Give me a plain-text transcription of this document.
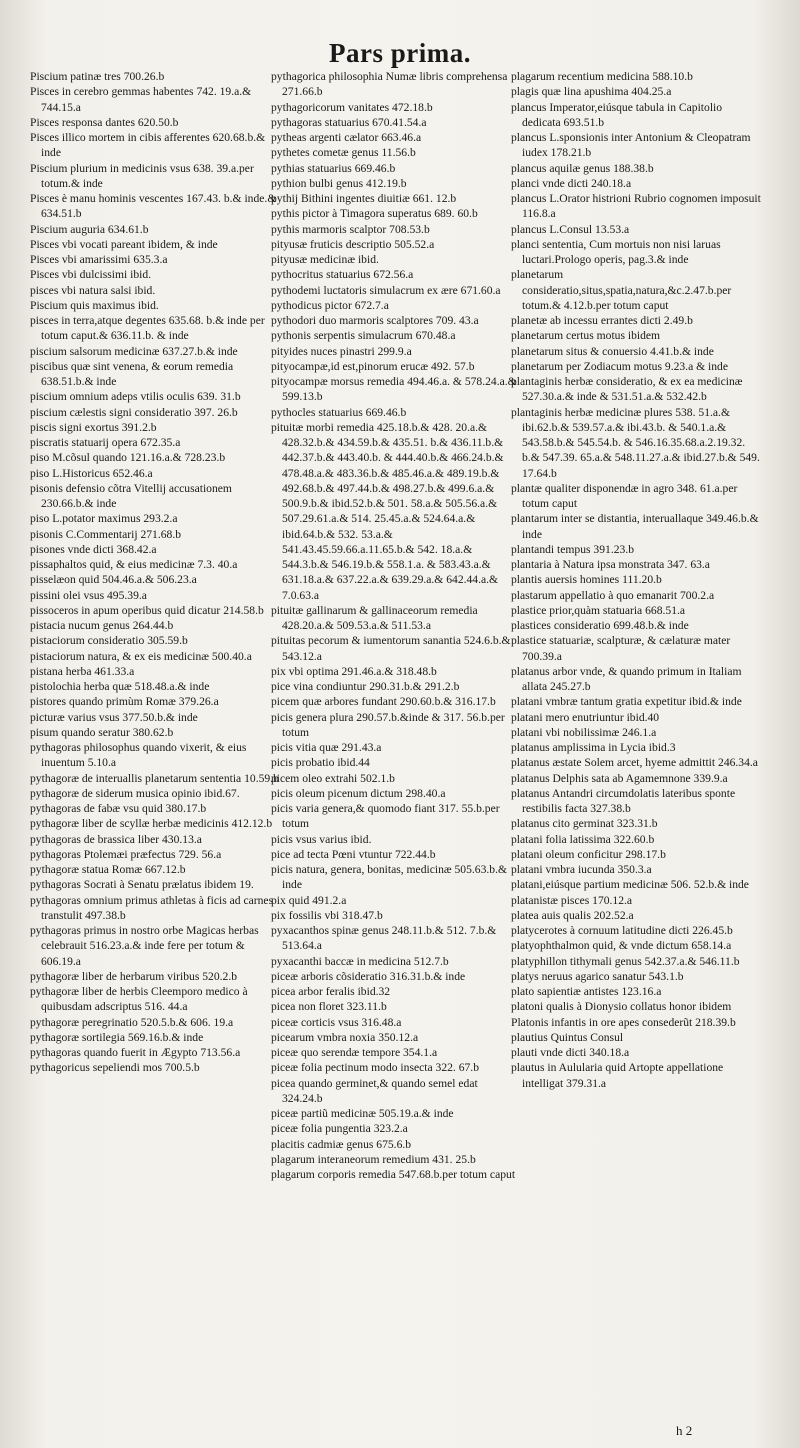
Pars prima.

Piscium patinæ tres 700.26.b

Pisces in cerebro gemmas habentes 742. 19.a.& 744.15.a

Pisces responsa dantes 620.50.b

Pisces illico mortem in cibis afferentes 620.68.b.& inde

Piscium plurium in medicinis vsus 638. 39.a.per totum.& inde

Pisces è manu hominis vescentes 167.43. b.& inde.& 634.51.b

Piscium auguria 634.61.b

Pisces vbi vocati pareant ibidem, & inde

Pisces vbi amarissimi 635.3.a

Pisces vbi dulcissimi ibid.

pisces vbi natura salsi ibid.

Piscium quis maximus ibid.

pisces in terra,atque degentes 635.68. b.& inde per totum caput.& 636.11.b. & inde

piscium salsorum medicinæ 637.27.b.& inde

piscibus quæ sint venena, & eorum remedia 638.51.b.& inde

piscium omnium adeps vtilis oculis 639. 31.b

piscium cælestis signi consideratio 397. 26.b

piscis signi exortus 391.2.b

piscratis statuarij opera 672.35.a

piso M.cõsul quando 121.16.a.& 728.23.b

piso L.Historicus 652.46.a

pisonis defensio cõtra Vitellij accusationem 230.66.b.& inde

piso L.potator maximus 293.2.a

pisonis C.Commentarij 271.68.b

pisones vnde dicti 368.42.a

pissaphaltos quid, & eius medicinæ 7.3. 40.a

pisselæon quid 504.46.a.& 506.23.a

pissini olei vsus 495.39.a

pissoceros in apum operibus quid dicatur 214.58.b

pistacia nucum genus 264.44.b

pistaciorum consideratio 305.59.b

pistaciorum natura, & ex eis medicinæ 500.40.a

pistana herba 461.33.a

pistolochia herba quæ 518.48.a.& inde

pistores quando primùm Romæ 379.26.a

picturæ varius vsus 377.50.b.& inde

pisum quando seratur 380.62.b

pythagoras philosophus quando vixerit, & eius inuentum 5.10.a

pythagoræ de interuallis planetarum sententia 10.59.b

pythagoræ de siderum musica opinio ibid.67.

pythagoras de fabæ vsu quid 380.17.b

pythagoræ liber de scyllæ herbæ medicinis 412.12.b

pythagoras de brassica liber 430.13.a

pythagoras Ptolemæi præfectus 729. 56.a

pythagoræ statua Romæ 667.12.b

pythagoras Socrati à Senatu prælatus ibidem 19.

pythagoras omnium primus athletas à ficis ad carnes transtulit 497.38.b

pythagoras primus in nostro orbe Magicas herbas celebrauit 516.23.a.& inde fere per totum & 606.19.a

pythagoræ liber de herbarum viribus 520.2.b

pythagoræ liber de herbis Cleemporo medico à quibusdam adscriptus 516. 44.a

pythagoræ peregrinatio 520.5.b.& 606. 19.a

pythagoræ sortilegia 569.16.b.& inde

pythagoras quando fuerit in Ægypto 713.56.a

pythagoricus sepeliendi mos 700.5.b

pythagorica philosophia Numæ libris comprehensa 271.66.b

pythagoricorum vanitates 472.18.b

pythagoras statuarius 670.41.54.a

pytheas argenti cælator 663.46.a

pythetes cometæ genus 11.56.b

pythias statuarius 669.46.b

pythion bulbi genus 412.19.b

pythij Bithini ingentes diuitiæ 661. 12.b

pythis pictor à Timagora superatus 689. 60.b

pythis marmoris scalptor 708.53.b

pityusæ fruticis descriptio 505.52.a

pityusæ medicinæ ibid.

pythocritus statuarius 672.56.a

pythodemi luctatoris simulacrum ex ære 671.60.a

pythodicus pictor 672.7.a

pythodori duo marmoris scalptores 709. 43.a

pythonis serpentis simulacrum 670.48.a

pityides nuces pinastri 299.9.a

pityocampæ,id est,pinorum erucæ 492. 57.b

pityocampæ morsus remedia 494.46.a. & 578.24.a.& 599.13.b

pythocles statuarius 669.46.b

pituitæ morbi remedia 425.18.b.& 428. 20.a.& 428.32.b.& 434.59.b.& 435.51. b.& 436.11.b.& 442.37.b.& 443.40.b. & 444.40.b.& 466.24.b.& 478.48.a.& 483.36.b.& 485.46.a.& 489.19.b.& 492.68.b.& 497.44.b.& 498.27.b.& 499.6.a.& 500.9.b.& ibid.52.b.& 501. 58.a.& 505.56.a.& 507.29.61.a.& 514. 25.45.a.& 524.64.a.& ibid.64.b.& 532. 53.a.& 541.43.45.59.66.a.11.65.b.& 542. 18.a.& 544.3.b.& 546.19.b.& 558.1.a. & 583.43.a.& 631.18.a.& 637.22.a.& 639.29.a.& 642.44.a.& 7.0.63.a

pituitæ gallinarum & gallinaceorum remedia 428.20.a.& 509.53.a.& 511.53.a

pituitas pecorum & iumentorum sanantia 524.6.b.& 543.12.a

pix vbi optima 291.46.a.& 318.48.b

pice vina condiuntur 290.31.b.& 291.2.b

picem quæ arbores fundant 290.60.b.& 316.17.b

picis genera plura 290.57.b.&inde & 317. 56.b.per totum

picis vitia quæ 291.43.a

picis probatio ibid.44

picem oleo extrahi 502.1.b

picis oleum picenum dictum 298.40.a

picis varia genera,& quomodo fiant 317. 55.b.per totum

picis vsus varius ibid.

pice ad tecta Pœni vtuntur 722.44.b

picis natura, genera, bonitas, medicinæ 505.63.b.& inde

pix quid 491.2.a

pix fossilis vbi 318.47.b

pyxacanthos spinæ genus 248.11.b.& 512. 7.b.& 513.64.a

pyxacanthi baccæ in medicina 512.7.b

piceæ arboris cõsideratio 316.31.b.& inde

picea arbor feralis ibid.32

picea non floret 323.11.b

piceæ corticis vsus 316.48.a

picearum vmbra noxia 350.12.a

piceæ quo serendæ tempore 354.1.a

piceæ folia pectinum modo insecta 322. 67.b

picea quando germinet,& quando semel edat 324.24.b

piceæ partiũ medicinæ 505.19.a.& inde

piceæ folia pungentia 323.2.a

placitis cadmiæ genus 675.6.b

plagarum interaneorum remedium 431. 25.b

plagarum corporis remedia 547.68.b.per totum caput

plagarum recentium medicina 588.10.b

plagis quæ lina apushima 404.25.a

plancus Imperator,eiúsque tabula in Capitolio dedicata 693.51.b

plancus L.sponsionis inter Antonium & Cleopatram iudex 178.21.b

plancus aquilæ genus 188.38.b

planci vnde dicti 240.18.a

plancus L.Orator histrioni Rubrio cognomen imposuit 116.8.a

plancus L.Consul 13.53.a

planci sententia, Cum mortuis non nisi laruas luctari.Prologo operis, pag.3.& inde

planetarum consideratio,situs,spatia,natura,&c.2.47.b.per totum.& 4.12.b.per totum caput

planetæ ab incessu errantes dicti 2.49.b

planetarum certus motus ibidem

planetarum situs & conuersio 4.41.b.& inde

planetarum per Zodiacum motus 9.23.a & inde

plantaginis herbæ consideratio, & ex ea medicinæ 527.30.a.& inde & 531.51.a.& 532.42.b

plantaginis herbæ medicinæ plures 538. 51.a.& ibi.62.b.& 539.57.a.& ibi.43.b. & 540.1.a.& 543.58.b.& 545.54.b. & 546.16.35.68.a.2.19.32. b.& 547.39. 65.a.& 548.11.27.a.& ibid.27.b.& 549. 17.64.b

plantæ qualiter disponendæ in agro 348. 61.a.per totum caput

plantarum inter se distantia, interuallaque 349.46.b.& inde

plantandi tempus 391.23.b

plantaria à Natura ipsa monstrata 347. 63.a

plantis auersis homines 111.20.b

plastarum appellatio à quo emanarit 700.2.a

plastice prior,quàm statuaria 668.51.a

plastices consideratio 699.48.b.& inde

plastice statuariæ, scalpturæ, & cælaturæ mater 700.39.a

platanus arbor vnde, & quando primum in Italiam allata 245.27.b

platani vmbræ tantum gratia expetitur ibid.& inde

platani mero enutriuntur ibid.40

platani vbi nobilissimæ 246.1.a

platanus amplissima in Lycia ibid.3

platanus æstate Solem arcet, hyeme admittit 246.34.a

platanus Delphis sata ab Agamemnone 339.9.a

platanus Antandri circumdolatis lateribus sponte restibilis facta 327.38.b

platanus cito germinat 323.31.b

platani folia latissima 322.60.b

platani oleum conficitur 298.17.b

platani vmbra iucunda 350.3.a

platani,eiúsque partium medicinæ 506. 52.b.& inde

platanistæ pisces 170.12.a

platea auis qualis 202.52.a

platycerotes à cornuum latitudine dicti 226.45.b

platyophthalmon quid, & vnde dictum 658.14.a

platyphillon tithymali genus 542.37.a.& 546.11.b

platys neruus agarico sanatur 543.1.b

plato sapientiæ antistes 123.16.a

platoni qualis à Dionysio collatus honor ibidem

Platonis infantis in ore apes consederũt 218.39.b

plautius Quintus Consul

plauti vnde dicti 340.18.a

plautus in Aulularia quid Artopte appellatione intelligat 379.31.a

h 2
